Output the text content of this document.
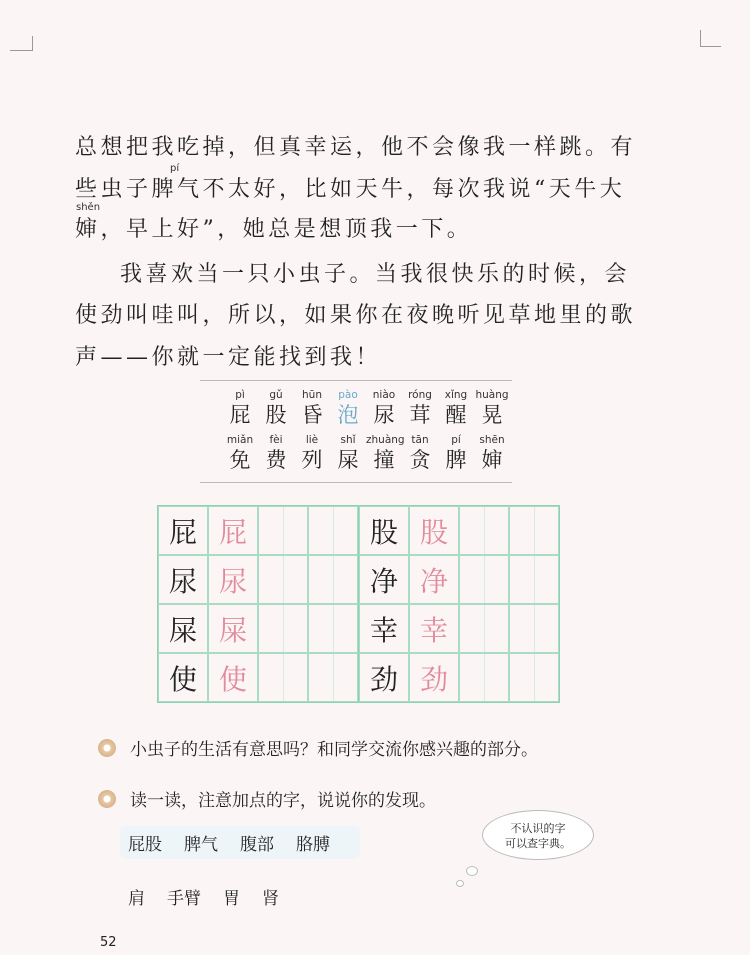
总想把我吃掉，但真幸运，他不会像我一样跳。有
pí
些虫子脾气不太好，比如天牛，每次我说“天牛大
shěn
婶，早上好”，她总是想顶我一下。
我喜欢当一只小虫子。当我很快乐的时候，会
使劲叫哇叫，所以，如果你在夜晚听见草地里的歌
声——你就一定能找到我！
pì
屁
gǔ
股
hūn
昏
pào
泡
niào
尿
róng
茸
xǐng
醒
huàng
晃
miǎn
免
fèi
费
liè
列
shǐ
屎
zhuàng
撞
tān
贪
pí
脾
shēn
婶
屁 屁
尿 尿
屎 屎
使 使
股 股
净 净
幸 幸
劲 劲
小虫子的生活有意思吗？和同学交流你感兴趣的部分。
读一读，注意加点的字，说说你的发现。
屁股 脾气 腹部 胳膊
肩 手臂 胃 肾
不认识的字
可以查字典。
52
